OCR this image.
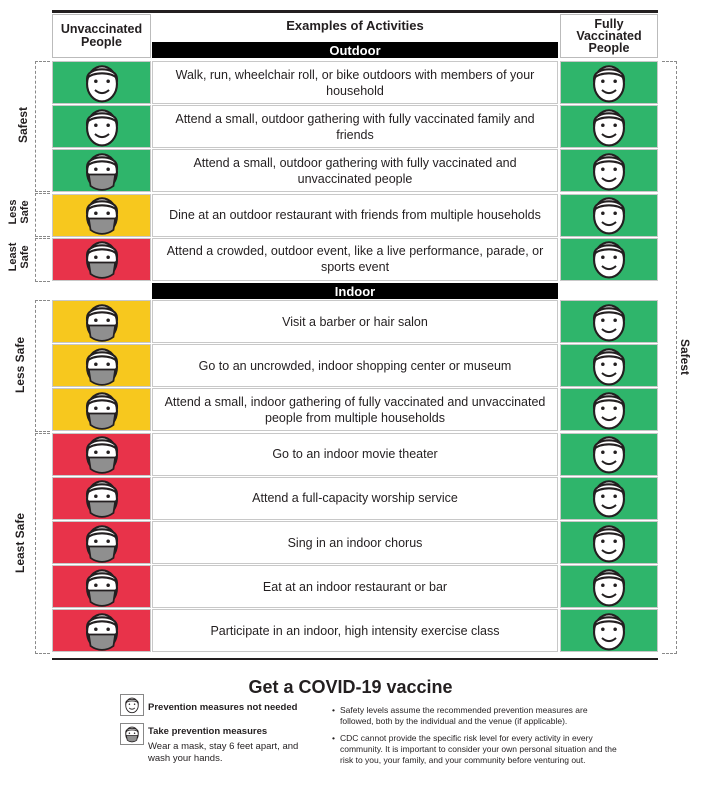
Unvaccinated People
Examples of Activities	Fully
Vaccinated
People
Outdoor
Indoor
Walk, run, wheelchair roll, or bike outdoors with members of your household
Attend a small, outdoor gathering with fully vaccinated family and friends
Attend a small, outdoor gathering with fully vaccinated and unvaccinated people
Dine at an outdoor restaurant with friends from multiple households
Attend a crowded, outdoor event, like a live performance, parade, or sports event
Visit a barber or hair salon
Go to an uncrowded, indoor shopping center or museum
Attend a small, indoor gathering of fully vaccinated and unvaccinated people from multiple households
Go to an indoor movie theater
Attend a full-capacity worship service
Sing in an indoor chorus
Eat at an indoor restaurant or bar
Participate in an indoor, high intensity exercise class
Safest
Less Safe
Least Safe
Less Safe
Least Safe
Safest
Get a COVID-19 vaccine
Prevention measures not needed
Take prevention measures
Wear a mask, stay 6 feet apart, and wash your hands.
• Safety levels assume the recommended prevention measures are followed, both by the individual and the venue (if applicable).
• CDC cannot provide the specific risk level for every activity in every community. It is important to consider your own personal situation and the risk to you, your family, and your community before venturing out.
